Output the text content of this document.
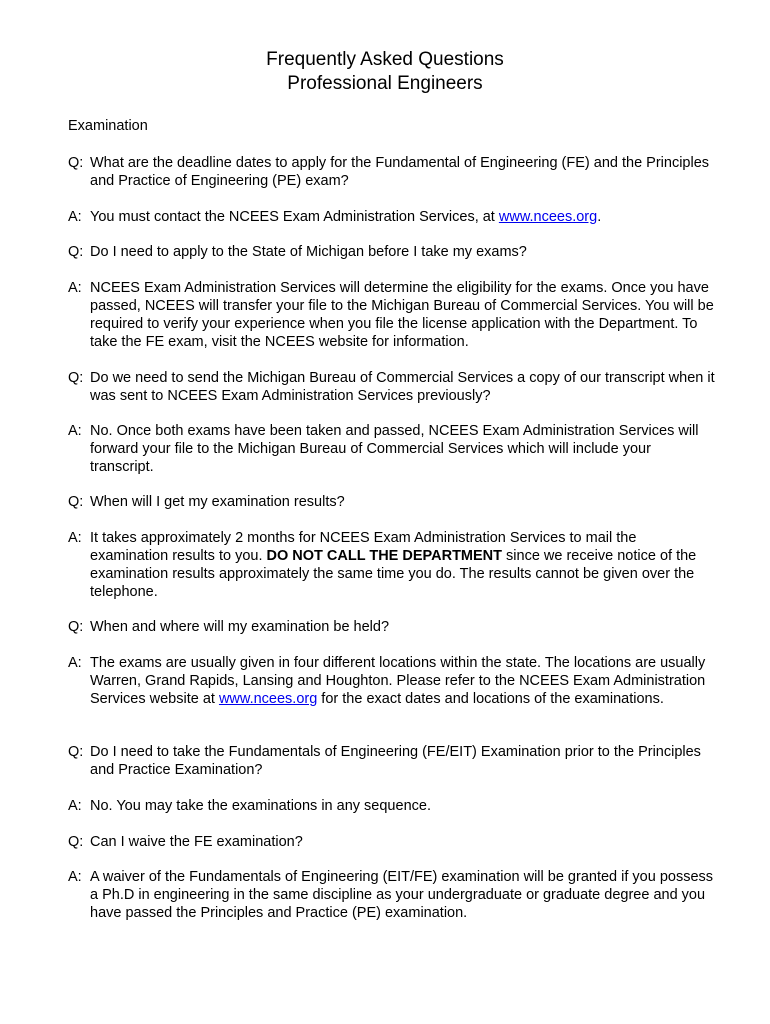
Frequently Asked Questions
Professional Engineers
Examination
Q: What are the deadline dates to apply for the Fundamental of Engineering (FE) and the Principles and Practice of Engineering (PE) exam?
A: You must contact the NCEES Exam Administration Services, at www.ncees.org.
Q: Do I need to apply to the State of Michigan before I take my exams?
A: NCEES Exam Administration Services will determine the eligibility for the exams. Once you have passed, NCEES will transfer your file to the Michigan Bureau of Commercial Services. You will be required to verify your experience when you file the license application with the Department. To take the FE exam, visit the NCEES website for information.
Q: Do we need to send the Michigan Bureau of Commercial Services a copy of our transcript when it was sent to NCEES Exam Administration Services previously?
A: No. Once both exams have been taken and passed, NCEES Exam Administration Services will forward your file to the Michigan Bureau of Commercial Services which will include your transcript.
Q: When will I get my examination results?
A: It takes approximately 2 months for NCEES Exam Administration Services to mail the examination results to you. DO NOT CALL THE DEPARTMENT since we receive notice of the examination results approximately the same time you do. The results cannot be given over the telephone.
Q: When and where will my examination be held?
A: The exams are usually given in four different locations within the state. The locations are usually Warren, Grand Rapids, Lansing and Houghton. Please refer to the NCEES Exam Administration Services website at www.ncees.org for the exact dates and locations of the examinations.
Q: Do I need to take the Fundamentals of Engineering (FE/EIT) Examination prior to the Principles and Practice Examination?
A: No. You may take the examinations in any sequence.
Q: Can I waive the FE examination?
A: A waiver of the Fundamentals of Engineering (EIT/FE) examination will be granted if you possess a Ph.D in engineering in the same discipline as your undergraduate or graduate degree and you have passed the Principles and Practice (PE) examination.
